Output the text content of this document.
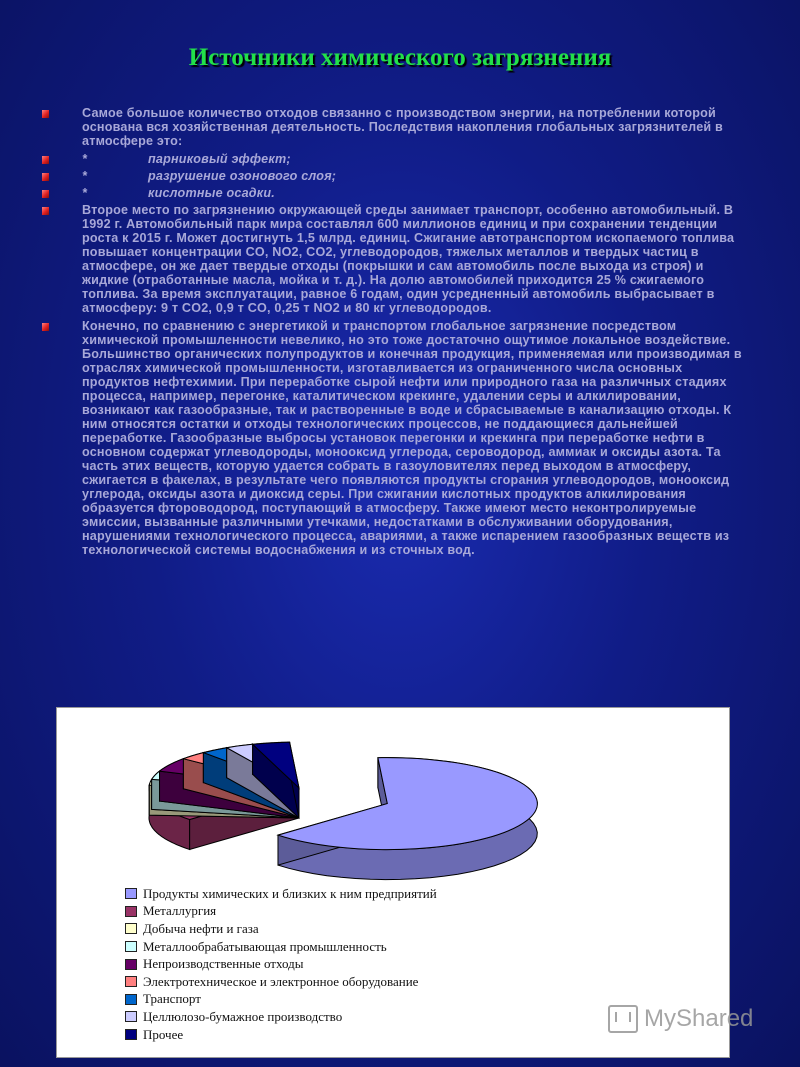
Источники химического загрязнения
Самое большое количество отходов связанно с производством энергии, на потреблении которой основана вся хозяйственная деятельность. Последствия накопления глобальных загрязнителей в атмосфере это:
*	парниковый эффект;
*	разрушение озонового слоя;
*	кислотные осадки.
Второе место по загрязнению окружающей среды занимает транспорт, особенно автомобильный. В 1992 г. Автомобильный парк мира составлял 600 миллионов единиц и при сохранении тенденции роста к 2015 г. Может достигнуть 1,5 млрд. единиц. Сжигание автотранспортом ископаемого топлива повышает концентрации CO, NO2, CO2, углеводородов, тяжелых металлов и твердых частиц в атмосфере, он же дает твердые отходы (покрышки и сам автомобиль после выхода из строя) и жидкие (отработанные масла, мойка и т. д.). На долю автомобилей приходится 25 % сжигаемого топлива. За время эксплуатации, равное 6 годам, один усредненный автомобиль выбрасывает в атмосферу: 9 т CO2, 0,9 т CO, 0,25 т NO2 и 80 кг углеводородов.
Конечно, по сравнению с энергетикой и транспортом глобальное загрязнение посредством химической промышленности невелико, но это тоже достаточно ощутимое локальное воздействие. Большинство органических полупродуктов и конечная продукция, применяемая или производимая в отраслях химической промышленности, изготавливается из ограниченного числа основных продуктов нефтехимии. При переработке сырой нефти или природного газа на различных стадиях процесса, например, перегонке, каталитическом крекинге, удалении серы и алкилировании, возникают как газообразные, так и растворенные в воде и сбрасываемые в канализацию отходы. К ним относятся остатки и отходы технологических процессов, не поддающиеся дальнейшей переработке. Газообразные выбросы установок перегонки и крекинга при переработке нефти в основном содержат углеводороды, монооксид углерода, сероводород, аммиак и оксиды азота. Та часть этих веществ, которую удается собрать в газоуловителях перед выходом в атмосферу, сжигается в факелах, в результате чего появляются продукты сгорания углеводородов, монооксид углерода, оксиды азота и диоксид серы. При сжигании кислотных продуктов алкилирования образуется фтороводород, поступающий в атмосферу. Также имеют место неконтролируемые эмиссии, вызванные различными утечками, недостатками в обслуживании оборудования, нарушениями технологического процесса, авариями, а также испарением газообразных веществ из технологической системы водоснабжения и из сточных вод.
Продукты химических и близких к ним предприятий
Металлургия
Добыча нефти и газа
Металлообрабатывающая промышленность
Непроизводственные отходы
Электротехническое и электронное оборудование
Транспорт
Целлюлозо-бумажное производство
Прочее
MyShared
